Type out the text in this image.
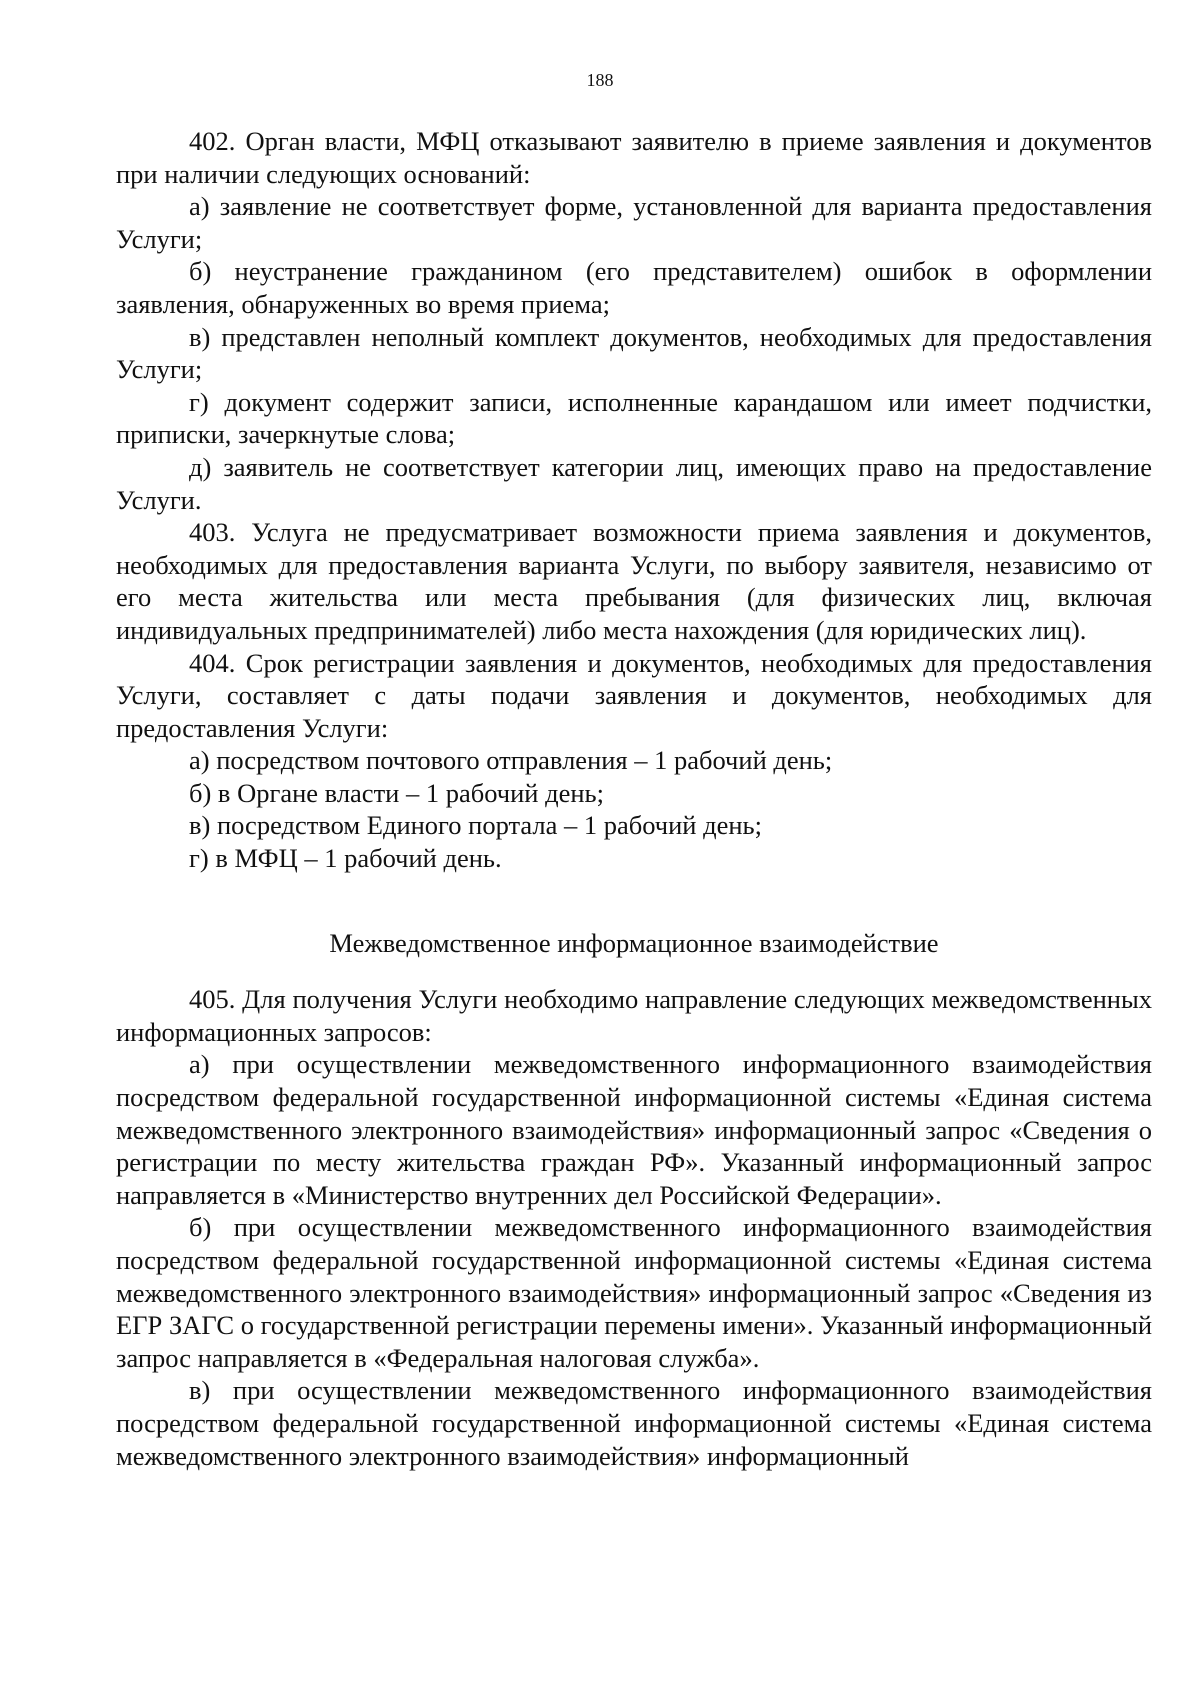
188

402. Орган власти, МФЦ отказывают заявителю в приеме заявления и документов при наличии следующих оснований:

а) заявление не соответствует форме, установленной для варианта предоставления Услуги;

б) неустранение гражданином (его представителем) ошибок в оформлении заявления, обнаруженных во время приема;

в) представлен неполный комплект документов, необходимых для предоставления Услуги;

г) документ содержит записи, исполненные карандашом или имеет подчистки, приписки, зачеркнутые слова;

д) заявитель не соответствует категории лиц, имеющих право на предоставление Услуги.

403. Услуга не предусматривает возможности приема заявления и документов, необходимых для предоставления варианта Услуги, по выбору заявителя, независимо от его места жительства или места пребывания (для физических лиц, включая индивидуальных предпринимателей) либо места нахождения (для юридических лиц).

404. Срок регистрации заявления и документов, необходимых для предоставления Услуги, составляет с даты подачи заявления и документов, необходимых для предоставления Услуги:

а) посредством почтового отправления – 1 рабочий день;

б) в Органе власти – 1 рабочий день;

в) посредством Единого портала – 1 рабочий день;

г) в МФЦ – 1 рабочий день.

Межведомственное информационное взаимодействие

405. Для получения Услуги необходимо направление следующих межведомственных информационных запросов:

а) при осуществлении межведомственного информационного взаимодействия посредством федеральной государственной информационной системы «Единая система межведомственного электронного взаимодействия» информационный запрос «Сведения о регистрации по месту жительства граждан РФ». Указанный информационный запрос направляется в «Министерство внутренних дел Российской Федерации».

б) при осуществлении межведомственного информационного взаимодействия посредством федеральной государственной информационной системы «Единая система межведомственного электронного взаимодействия» информационный запрос «Сведения из ЕГР ЗАГС о государственной регистрации перемены имени». Указанный информационный запрос направляется в «Федеральная налоговая служба».

в) при осуществлении межведомственного информационного взаимодействия посредством федеральной государственной информационной системы «Единая система межведомственного электронного взаимодействия» информационный
